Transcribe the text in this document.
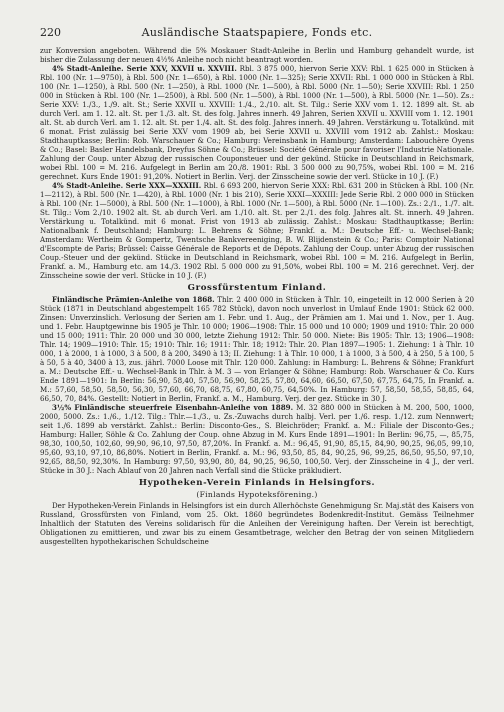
220	Ausländische Staatspapiere, Fonds etc.

zur Konversion angeboten. Während die 5% Moskauer Stadt-Anleihe in Berlin und Hamburg gehandelt wurde, ist bisher die Zulassung der neuen 4½% Anleihe noch nicht beantragt worden.

4% Stadt-Anleihe. Serie XXV, XXVII u. XXVIII. Rbl. 3 875 000, hiervon Serie XXV: Rbl. 1 625 000 in Stücken à Rbl. 100 (Nr. 1—9750), à Rbl. 500 (Nr. 1—650), à Rbl. 1000 (Nr. 1—325); Serie XXVII: Rbl. 1 000 000 in Stücken à Rbl. 100 (Nr. 1—1250), à Rbl. 500 (Nr. 1—250), à Rbl. 1000 (Nr. 1—500), à Rbl. 5000 (Nr. 1—50); Serie XXVIII: Rbl. 1 250 000 in Stücken à Rbl. 100 (Nr. 1—2500), à Rbl. 500 (Nr. 1—500), à Rbl. 1000 (Nr. 1—500), à Rbl. 5000 (Nr. 1—50). Zs.: Serie XXV: 1./3., 1./9. alt. St.; Serie XXVII u. XXVIII: 1./4., 2./10. alt. St. Tilg.: Serie XXV vom 1. 12. 1899 alt. St. ab durch Verl. am 1. 12. alt. St. per 1./3. alt. St. des folg. Jahres innerh. 49 Jahren, Serien XXVII u. XXVIII vom 1. 12. 1901 alt. St. ab durch Verl. am 1. 12. alt. St. per 1./4. alt. St. des folg. Jahres innerh. 49 Jahren. Verstärkung u. Totalkünd. mit 6 monat. Frist zulässig bei Serie XXV vom 1909 ab, bei Serie XXVII u. XXVIII vom 1912 ab. Zahlst.: Moskau: Stadthauptkasse; Berlin: Rob. Warschauer & Co.; Hamburg: Vereinsbank in Hamburg; Amsterdam: Labouchère Oyens & Co.; Basel: Basler Handelsbank, Dreyfus Söhne & Co.; Brüssel: Société Générale pour favoriser l'Industrie Nationale. Zahlung der Coup. unter Abzug der russischen Couponsteuer und der gekünd. Stücke in Deutschland in Reichsmark, wobei Rbl. 100 = M. 216. Aufgelegt in Berlin am 20./8. 1901: Rbl. 3 500 000 zu 90,75%, wobei Rbl. 100 = M. 216 gerechnet. Kurs Ende 1901: 91,20%. Notiert in Berlin. Verj. der Zinsscheine sowie der verl. Stücke in 10 J. (F.)

4% Stadt-Anleihe. Serie XXX—XXXIII. Rbl. 6 693 200, hiervon Serie XXX: Rbl. 631 200 in Stücken à Rbl. 100 (Nr. 1—2112), à Rbl. 500 (Nr. 1—420), à Rbl. 1000 (Nr. 1 bis 210), Serie XXXI—XXXIII: Jede Serie Rbl. 2 000 000 in Stücken à Rbl. 100 (Nr. 1—5000), à Rbl. 500 (Nr. 1—1000), à Rbl. 1000 (Nr. 1—500), à Rbl. 5000 (Nr. 1—100). Zs.: 2./1., 1./7. alt. St. Tilg.: Vom 2./10. 1902 alt. St. ab durch Verl. am 1./10. alt. St. per 2./1. des folg. Jahres alt. St. innerh. 49 Jahren. Verstärkung u. Totalkünd. mit 6 monat. Frist von 1913 ab zulässig. Zahlst.: Moskau: Stadthauptkasse; Berlin: Nationalbank f. Deutschland; Hamburg: L. Behrens & Söhne; Frankf. a. M.: Deutsche Eff.- u. Wechsel-Bank; Amsterdam: Wertheim & Gompertz, Twentsche Bankvereeniging, B. W. Blijdenstein & Co.; Paris: Comptoir National d'Escompte de Paris; Brüssel: Caisse Générale de Reports et de Dépots. Zahlung der Coup. unter Abzug der russischen Coup.-Steuer und der gekünd. Stücke in Deutschland in Reichsmark, wobei Rbl. 100 = M. 216. Aufgelegt in Berlin, Frankf. a. M., Hamburg etc. am 14./3. 1902 Rbl. 5 000 000 zu 91,50%, wobei Rbl. 100 = M. 216 gerechnet. Verj. der Zinsscheine sowie der verl. Stücke in 10 J. (F.)

Grossfürstentum Finland.

Finländische Prämien-Anleihe von 1868. Thlr. 2 400 000 in Stücken à Thlr. 10, eingeteilt in 12 000 Serien à 20 Stück (1871 in Deutschland abgestempelt 165 782 Stück), davon noch unverlost in Umlauf Ende 1901: Stück 62 000. Zinsen: Unverzinslich. Verlosung der Serien am 1. Febr. und 1. Aug., der Prämien am 1. Mai und 1. Nov., per 1. Aug. und 1. Febr. Hauptgewinne bis 1905 je Thlr. 10 000; 1906—1908: Thlr. 15 000 und 10 000; 1909 und 1910: Thlr. 20 000 und 15 000; 1911: Thlr. 20 000 und 30 000, letzte Ziehung 1912: Thlr. 50 000. Niete: Bis 1905: Thlr. 13; 1906—1908: Thlr. 14; 1909—1910: Thlr. 15; 1910: Thlr. 16; 1911: Thlr. 18; 1912: Thlr. 20. Plan 1897—1905: 1. Ziehung: 1 à Thlr. 10 000, 1 à 2000, 1 à 1000, 3 à 500, 8 à 200, 3490 à 13; II. Ziehung: 1 à Thlr. 10 000, 1 à 1000, 3 à 500, 4 à 250, 5 à 100, 5 à 50, 5 à 40, 3400 à 13, zus. jährl. 7000 Loose mit Thlr. 120 000. Zahlung: in Hamburg: L. Behrens & Söhne; Frankfurt a. M.: Deutsche Eff.- u. Wechsel-Bank in Thlr. à M. 3 — von Erlanger & Söhne; Hamburg: Rob. Warschauer & Co. Kurs Ende 1891—1901: In Berlin: 56,90, 58,40, 57,50, 56,90, 58,25, 57,80, 64,60, 66,50, 67,50, 67,75, 64,75, In Frankf. a. M.: 57,60, 58,50, 58,50, 56,30, 57,60, 66,70, 68,75, 67,80, 60,75, 64,50%. In Hamburg: 57, 58,50, 58,55, 58,85, 64, 66,50, 70, 84%. Gestellt: Notiert in Berlin, Frankf. a. M., Hamburg. Verj. der gez. Stücke in 30 J.

3½% Finländische steuerfreie Eisenbahn-Anleihe von 1889. M. 32 880 000 in Stücken à M. 200, 500, 1000, 2000, 5000. Zs.: 1./6., 1./12. Tilg.: Thlr.—1./3., u. Zs.-Zuwachs durch halbj. Verl. per 1./6. resp. 1./12. zum Nennwert; seit 1./6. 1899 ab verstärkt. Zahlst.: Berlin: Disconto-Ges., S. Bleichröder; Frankf. a. M.: Filiale der Disconto-Ges.; Hamburg: Haller, Söhle & Co. Zahlung der Coup. ohne Abzug in M. Kurs Ende 1891—1901: In Berlin: 96,75, —, 85,75, 98,30, 100,50, 102,60, 99,90, 96,10, 97,50, 87,20%. In Frankf. a. M.: 96,45, 91,90, 85,15, 84,90, 90,25, 96,05, 99,10, 95,60, 93,10, 97,10, 86,80%. Notiert in Berlin, Frankf. a. M.: 96, 93,50, 85, 84, 90,25, 96, 99,25, 86,50, 95,50, 97,10, 92,65, 88,50, 92,30%. In Hamburg: 97,50, 93,90, 80, 84, 90,25, 96,50, 100,50. Verj. der Zinsscheine in 4 J., der verl. Stücke in 30 J.: Nach Ablauf von 20 Jahren nach Verfall sind die Stücke präkludiert.

Hypotheken-Verein Finlands in Helsingfors.
(Finlands Hypoteksförening.)

Der Hypotheken-Verein Finlands in Helsingfors ist ein durch Allerhöchste Genehmigung Sr. Maj.stät des Kaisers von Russland, Grossfürsten von Finland, vom 25. Okt. 1860 begründetes Bodenkredit-Institut. Gemäss Teilnehmer Inhaltlich der Statuten des Vereins solidarisch für die Anleihen der Vereinigung haften. Der Verein ist berechtigt, Obligationen zu emittieren, und zwar bis zu einem Gesamtbetrage, welcher den Betrag der von seinen Mitgliedern ausgestellten hypothekarischen Schuldscheine
